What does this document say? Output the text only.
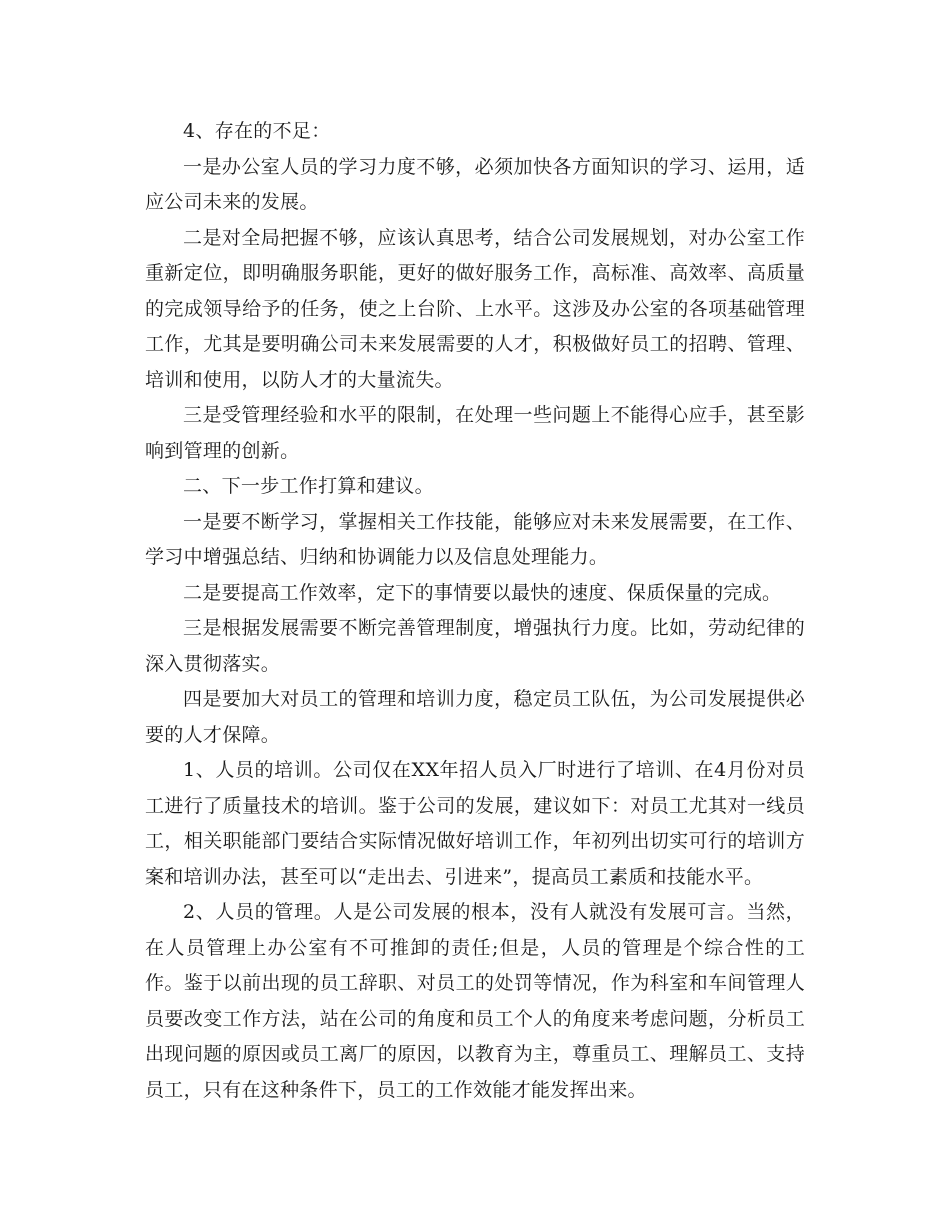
4、存在的不足：

一是办公室人员的学习力度不够，必须加快各方面知识的学习、运用，适应公司未来的发展。

二是对全局把握不够，应该认真思考，结合公司发展规划，对办公室工作重新定位，即明确服务职能，更好的做好服务工作，高标准、高效率、高质量的完成领导给予的任务，使之上台阶、上水平。这涉及办公室的各项基础管理工作，尤其是要明确公司未来发展需要的人才，积极做好员工的招聘、管理、培训和使用，以防人才的大量流失。

三是受管理经验和水平的限制，在处理一些问题上不能得心应手，甚至影响到管理的创新。

二、下一步工作打算和建议。

一是要不断学习，掌握相关工作技能，能够应对未来发展需要，在工作、学习中增强总结、归纳和协调能力以及信息处理能力。

二是要提高工作效率，定下的事情要以最快的速度、保质保量的完成。

三是根据发展需要不断完善管理制度，增强执行力度。比如，劳动纪律的深入贯彻落实。

四是要加大对员工的管理和培训力度，稳定员工队伍，为公司发展提供必要的人才保障。

1、人员的培训。公司仅在XX年招人员入厂时进行了培训、在4月份对员工进行了质量技术的培训。鉴于公司的发展，建议如下：对员工尤其对一线员工，相关职能部门要结合实际情况做好培训工作，年初列出切实可行的培训方案和培训办法，甚至可以“走出去、引进来”，提高员工素质和技能水平。

2、人员的管理。人是公司发展的根本，没有人就没有发展可言。当然，在人员管理上办公室有不可推卸的责任;但是，人员的管理是个综合性的工作。鉴于以前出现的员工辞职、对员工的处罚等情况，作为科室和车间管理人员要改变工作方法，站在公司的角度和员工个人的角度来考虑问题，分析员工出现问题的原因或员工离厂的原因，以教育为主，尊重员工、理解员工、支持员工，只有在这种条件下，员工的工作效能才能发挥出来。
